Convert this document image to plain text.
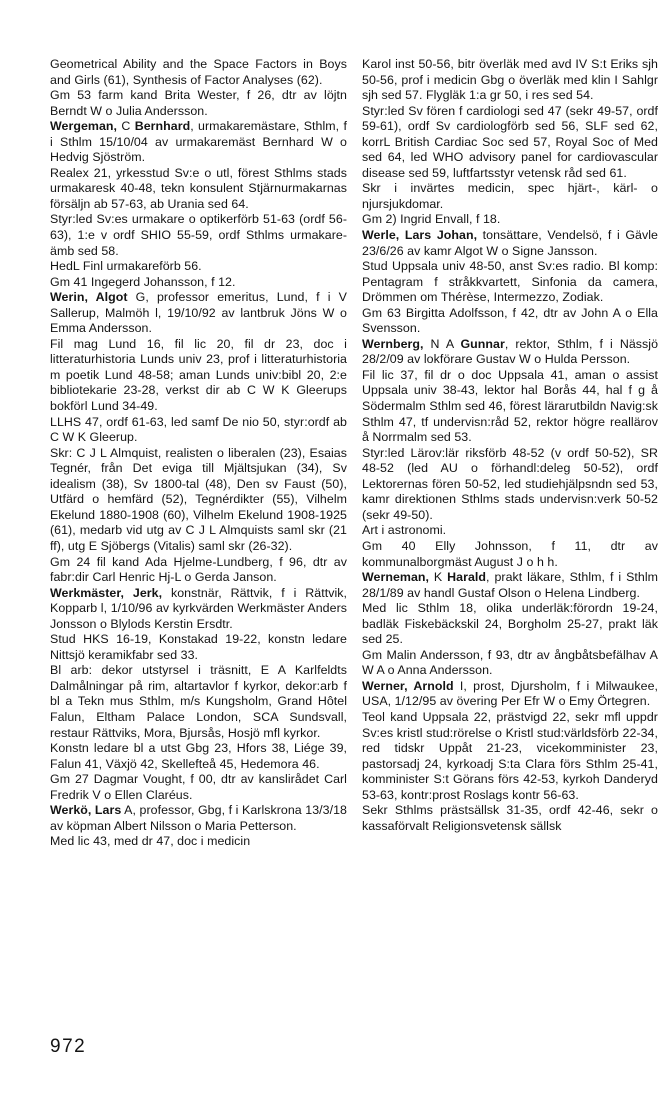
Geometrical Ability and the Space Factors in Boys and Girls (61), Synthesis of Factor Analyses (62).

Gm 53 farm kand Brita Wester, f 26, dtr av löjtn Berndt W o Julia Andersson.

Wergeman, C Bernhard, urmakaremästare, Sthlm, f i Sthlm 15/10/04 av urmakaremäst Bernhard W o Hedvig Sjöström.

Realex 21, yrkesstud Sv:e o utl, förest Sthlms stads urmakaresk 40-48, tekn konsulent Stjärnurmakarnas försäljn ab 57-63, ab Urania sed 64.

Styr:led Sv:es urmakare o optikerförb 51-63 (ordf 56-63), 1:e v ordf SHIO 55-59, ordf Sthlms urmakare-ämb sed 58.

HedL Finl urmakareförb 56.

Gm 41 Ingegerd Johansson, f 12.

Werin, Algot G, professor emeritus, Lund, f i V Sallerup, Malmöh l, 19/10/92 av lantbruk Jöns W o Emma Andersson.

Fil mag Lund 16, fil lic 20, fil dr 23, doc i litteraturhistoria Lunds univ 23, prof i litteraturhistoria m poetik Lund 48-58; aman Lunds univ:bibl 20, 2:e bibliotekarie 23-28, verkst dir ab C W K Gleerups bokförl Lund 34-49.

LLHS 47, ordf 61-63, led samf De nio 50, styr:ordf ab C W K Gleerup.

Skr: C J L Almquist, realisten o liberalen (23), Esaias Tegnér, från Det eviga till Mjältsjukan (34), Sv idealism (38), Sv 1800-tal (48), Den sv Faust (50), Utfärd o hemfärd (52), Tegnérdikter (55), Vilhelm Ekelund 1880-1908 (60), Vilhelm Ekelund 1908-1925 (61), medarb vid utg av C J L Almquists saml skr (21 ff), utg E Sjöbergs (Vitalis) saml skr (26-32).

Gm 24 fil kand Ada Hjelme-Lundberg, f 96, dtr av fabr:dir Carl Henric Hj-L o Gerda Janson.

Werkmäster, Jerk, konstnär, Rättvik, f i Rättvik, Kopparb l, 1/10/96 av kyrkvärden Werkmäster Anders Jonsson o Blylods Kerstin Ersdtr.

Stud HKS 16-19, Konstakad 19-22, konstn ledare Nittsjö keramikfabr sed 33.

Bl arb: dekor utstyrsel i träsnitt, E A Karlfeldts Dalmålningar på rim, altartavlor f kyrkor, dekor:arb f bl a Tekn mus Sthlm, m/s Kungsholm, Grand Hôtel Falun, Eltham Palace London, SCA Sundsvall, restaur Rättviks, Mora, Bjursås, Hosjö mfl kyrkor.

Konstn ledare bl a utst Gbg 23, Hfors 38, Liége 39, Falun 41, Växjö 42, Skellefteå 45, Hedemora 46.

Gm 27 Dagmar Vought, f 00, dtr av kanslirådet Carl Fredrik V o Ellen Claréus.

Werkö, Lars A, professor, Gbg, f i Karlskrona 13/3/18 av köpman Albert Nilsson o Maria Petterson.

Med lic 43, med dr 47, doc i medicin

Karol inst 50-56, bitr överläk med avd IV S:t Eriks sjh 50-56, prof i medicin Gbg o överläk med klin I Sahlgr sjh sed 57. Flygläk 1:a gr 50, i res sed 54.

Styr:led Sv fören f cardiologi sed 47 (sekr 49-57, ordf 59-61), ordf Sv cardiologförb sed 56, SLF sed 62, korrL British Cardiac Soc sed 57, Royal Soc of Med sed 64, led WHO advisory panel for cardiovascular disease sed 59, luftfartsstyr vetensk råd sed 61.

Skr i invärtes medicin, spec hjärt-, kärl- o njursjukdomar.

Gm 2) Ingrid Envall, f 18.

Werle, Lars Johan, tonsättare, Vendelsö, f i Gävle 23/6/26 av kamr Algot W o Signe Jansson.

Stud Uppsala univ 48-50, anst Sv:es radio. Bl komp: Pentagram f stråkkvartett, Sinfonia da camera, Drömmen om Thérèse, Intermezzo, Zodiak.

Gm 63 Birgitta Adolfsson, f 42, dtr av John A o Ella Svensson.

Wernberg, N A Gunnar, rektor, Sthlm, f i Nässjö 28/2/09 av lokförare Gustav W o Hulda Persson.

Fil lic 37, fil dr o doc Uppsala 41, aman o assist Uppsala univ 38-43, lektor hal Borås 44, hal f g å Södermalm Sthlm sed 46, förest lärarutbildn Navig:sk Sthlm 47, tf undervisn:råd 52, rektor högre reallärov å Norrmalm sed 53.

Styr:led Lärov:lär riksförb 48-52 (v ordf 50-52), SR 48-52 (led AU o förhandl:deleg 50-52), ordf Lektorernas fören 50-52, led studiehjälpsndn sed 53, kamr direktionen Sthlms stads undervisn:verk 50-52 (sekr 49-50).

Art i astronomi.

Gm 40 Elly Johnsson, f 11, dtr av kommunalborgmäst August J o h h.

Werneman, K Harald, prakt läkare, Sthlm, f i Sthlm 28/1/89 av handl Gustaf Olson o Helena Lindberg.

Med lic Sthlm 18, olika underläk:förordn 19-24, badläk Fiskebäckskil 24, Borgholm 25-27, prakt läk sed 25.

Gm Malin Andersson, f 93, dtr av ångbåtsbefälhav A W A o Anna Andersson.

Werner, Arnold I, prost, Djursholm, f i Milwaukee, USA, 1/12/95 av övering Per Efr W o Emy Örtegren.

Teol kand Uppsala 22, prästvigd 22, sekr mfl uppdr Sv:es kristl stud:rörelse o Kristl stud:världsförb 22-34, red tidskr Uppåt 21-23, vicekomminister 23, pastorsadj 24, kyrkoadj S:ta Clara förs Sthlm 25-41, komminister S:t Görans förs 42-53, kyrkoh Danderyd 53-63, kontr:prost Roslags kontr 56-63.

Sekr Sthlms prästsällsk 31-35, ordf 42-46, sekr o kassaförvalt Religionsvetensk sällsk

972
